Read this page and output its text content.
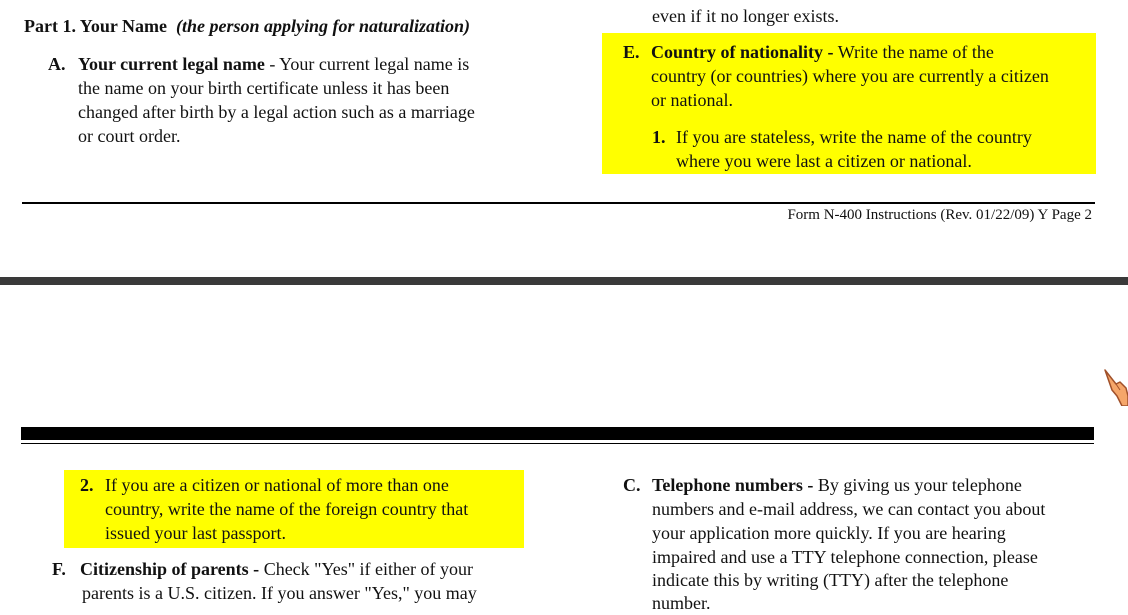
Part 1. Your Name (the person applying for naturalization)
A. Your current legal name - Your current legal name is
the name on your birth certificate unless it has been
changed after birth by a legal action such as a marriage
or court order.
even if it no longer exists.
E. Country of nationality - Write the name of the
country (or countries) where you are currently a citizen
or national.
1. If you are stateless, write the name of the country
where you were last a citizen or national.
Form N-400 Instructions (Rev. 01/22/09) Y Page 2
2. If you are a citizen or national of more than one
country, write the name of the foreign country that
issued your last passport.
F. Citizenship of parents - Check "Yes" if either of your
parents is a U.S. citizen. If you answer "Yes," you may
C. Telephone numbers - By giving us your telephone
numbers and e-mail address, we can contact you about
your application more quickly. If you are hearing
impaired and use a TTY telephone connection, please
indicate this by writing (TTY) after the telephone
number.
